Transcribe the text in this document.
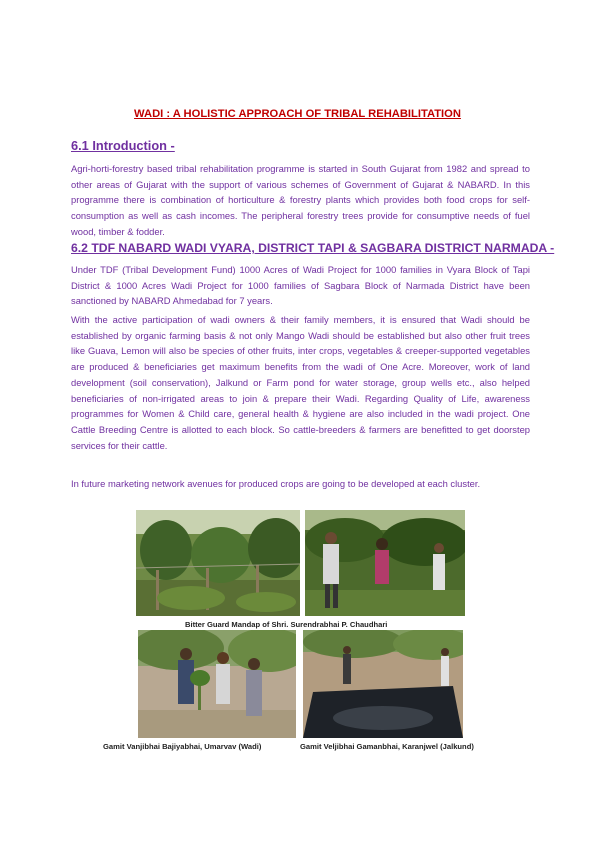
WADI : A HOLISTIC APPROACH OF TRIBAL REHABILITATION
6.1 Introduction -
Agri-horti-forestry based tribal rehabilitation programme is started in South Gujarat from 1982 and spread to other areas of Gujarat with the support of various schemes of Government of Gujarat & NABARD. In this programme there is combination of horticulture & forestry plants which provides both food crops for self-consumption as well as cash incomes. The peripheral forestry trees provide for consumptive needs of fuel wood, timber & fodder.
6.2 TDF NABARD WADI VYARA, DISTRICT TAPI & SAGBARA DISTRICT NARMADA -
Under TDF (Tribal Development Fund) 1000 Acres of Wadi Project for 1000 families in Vyara Block of Tapi District & 1000 Acres Wadi Project for 1000 families of Sagbara Block of Narmada District have been sanctioned by NABARD Ahmedabad for 7 years.
With the active participation of wadi owners & their family members, it is ensured that Wadi should be established by organic farming basis & not only Mango Wadi should be established but also other fruit trees like Guava, Lemon will also be species of other fruits, inter crops, vegetables & creeper-supported vegetables are produced & beneficiaries get maximum benefits from the wadi of One Acre. Moreover, work of land development (soil conservation), Jalkund or Farm pond for water storage, group wells etc., also helped beneficiaries of non-irrigated areas to join & prepare their Wadi. Regarding Quality of Life, awareness programmes for Women & Child care, general health & hygiene are also included in the wadi project. One Cattle Breeding Centre is allotted to each block. So cattle-breeders & farmers are benefitted to get doorstep services for their cattle.
In future marketing network avenues for produced crops are going to be developed at each cluster.
Bitter Guard Mandap of Shri. Surendrabhai P. Chaudhari
Gamit Vanjibhai Bajiyabhai, Umarvav (Wadi)	Gamit Veljibhai Gamanbhai, Karanjwel (Jalkund)
